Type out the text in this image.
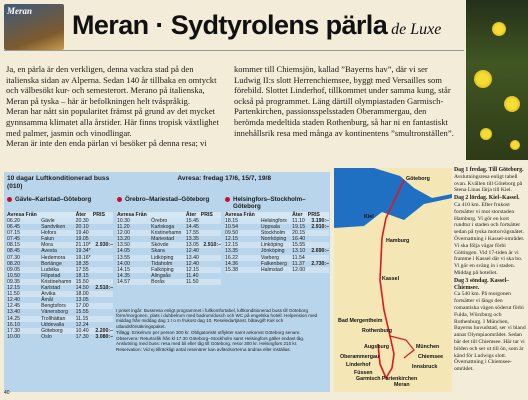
Meran Meran · Sydtyrolens pärla de Luxe

Ja, en pärla är den verkligen, denna vackra stad på den italienska sidan av Alperna. Sedan 140 år tillbaka en omtyckt och välbesökt kur- och semesterort. Merano på italienska, Meran på tyska – här är befolkningen helt tvåspråkig.

Meran har nått sin popularitet främst på grund av det mycket gynnsamma klimatet alla årstider. Här finns tropisk växtlighet med palmer, jasmin och vinodlingar.

Meran är inte den enda pärlan vi besöker på denna resa; vi

kommer till Chiemsjön, kallad ”Bayerns hav”, där vi ser Ludwig II:s slott Herrenchiemsee, byggt med Versailles som förebild. Slottet Linderhof, tillkommet under samma kung, står också på programmet. Läng därtill olympiastaden Garmisch-Partenkirchen, passionsspelsstaden Oberammergau, den berömda medeltida staden Rothenburg, så har ni en fantastiskt innehållsrik resa med många av kontinentens ”smultronställen”.

10 dagar Luftkonditionerad buss
(010)
Avresa: fredag 17/6, 15/7, 19/8
Gävle–Karlstad–Göteborg
Avresa Från		Åter	PRIS
06.20	Gävle	20.30	
06.45	Sandviken	20.10	
07.15	Hofors	19.40	
07.45	Falun	19.05	
08.15	Mora	21.10*	2.930:–
08.45	Avesta	19.34*	
07.30	Hedemora	19.16*	
08.20	Borlänge	18.35	
09.05	Ludvika	17.55	
10.50	Filipstad	18.15	
09.35	Kristinehamn	15.50	
12.15	Karlstad	14.50	2.510:–
11.50	Arvika	18.00	
12.40	Åmål	13.05	
12.45	Bengtsfors	17.00	
13.40	Vänersborg	15.55	
14.25	Trollhättan	11.15	
16.10	Uddevalla	12.24	
17.30	Göteborg	10.40	2.200:–
10.00	Oslo	17.30	3.080:–
Örebro–Mariestad–Göteborg
Avresa Från		Åter	PRIS
10.30	Örebro	15.45	
11.20	Karlskoga	14.45	
12.00	Kristinehamn	17.55	
13.20	Mariestad	13.35	
13.50	Skövde	13.05	2.910:–
14.05	Skara	12.40	
13.55	Lidköping	13.40	
14.00	Tidaholm	12.40	
14.15	Falköping	12.15	
14.35	Alingsås	11.40	
14.57	Borås	11.50	
Helsingfors–Stockholm–Göteborg
Avresa Från		Åter	PRIS
18.15	Helsingfors	11.10	3.190:–
10.54	Uppsala	19.15	2.910:–
09.50	Stockholm	20.15	
12.15	Norrköping	16.40	
12.15	Linköping	15.55	
13.35	Jönköping	13.10	2.690:–
16.22	Varberg	11.54	
14.36	Falkenberg	11.37	2.730:–
15.38	Halmstad	12.00	

I priset ingår: Bussresa enligt programmet i fullkomfortabel, luftkonditionerad buss till Göteborg förre/morgonen, plats i dubbelrum med badrum/dusch och WC på engelska hotell. Helpension med middag från middag dag 1 t o m frukost dag 10. Reseledartjänst, båtavgift Kiel och utlandsförsäkringspaket.

Tillägg: Enkelrum per person 300 kr. Obligatoriskt utflykter samt ankomst Göteborg senare.

Observera: Returtrafik från kl 17.30 Göteborg–Stockholm samt Helsingfors gäller endast tåg. Anslutning med buss: resa med bil eller tåg till Göteborg, resor 300 kr. Helsingfors 210 kr.

Reservation: Vid ej tillräckligt antal resenärer kan avfärdsorterna ändras eller inställas.

Göteborg
Kiel
Hamburg
Kassel
Bad Mergentheim
Rothenburg
Augsburg	München
Chiemsee
Oberammergau
Linderhof	Innsbruck
Füssen
Garmisch Partenkirchen
Meran
Dag 1 fredag. Till Göteborg.

Avslutningsresa enligt tabell ovan. Kvällen till Göteborg på Stena Linas färja till Kiel.

Dag 2 lördag. Kiel–Kassel.

Ca 410 km. Efter frukost fortsätter vi mot storstaden Hamburg. Vi gör en kort rundtur i staden och fortsätter sedan på tyska motorvägsnätet. Övernattning i Kassel-området. Vi ska följa vägar förbi Göttingen. Vid 17-tiden är vi framme i Kassel där vi ska bo. Vi gör en sväng in i staden. Middag på hotellet.

Dag 3 söndag. Kassel–Chiemsee.

Ca 540 km. På morgonen fortsätter vi längs den romantiska vägen söderut förbi Fulda, Würzburg och Rothenburg. I München, Bayerns huvudstad, ser vi bland annat Olympiaområdet. Sedan bär det till Chiemsee. Här tar vi bilden och ser ut till ön, som är känd för Ludwigs slott. Övernattning i Chiemsee-området.

40
